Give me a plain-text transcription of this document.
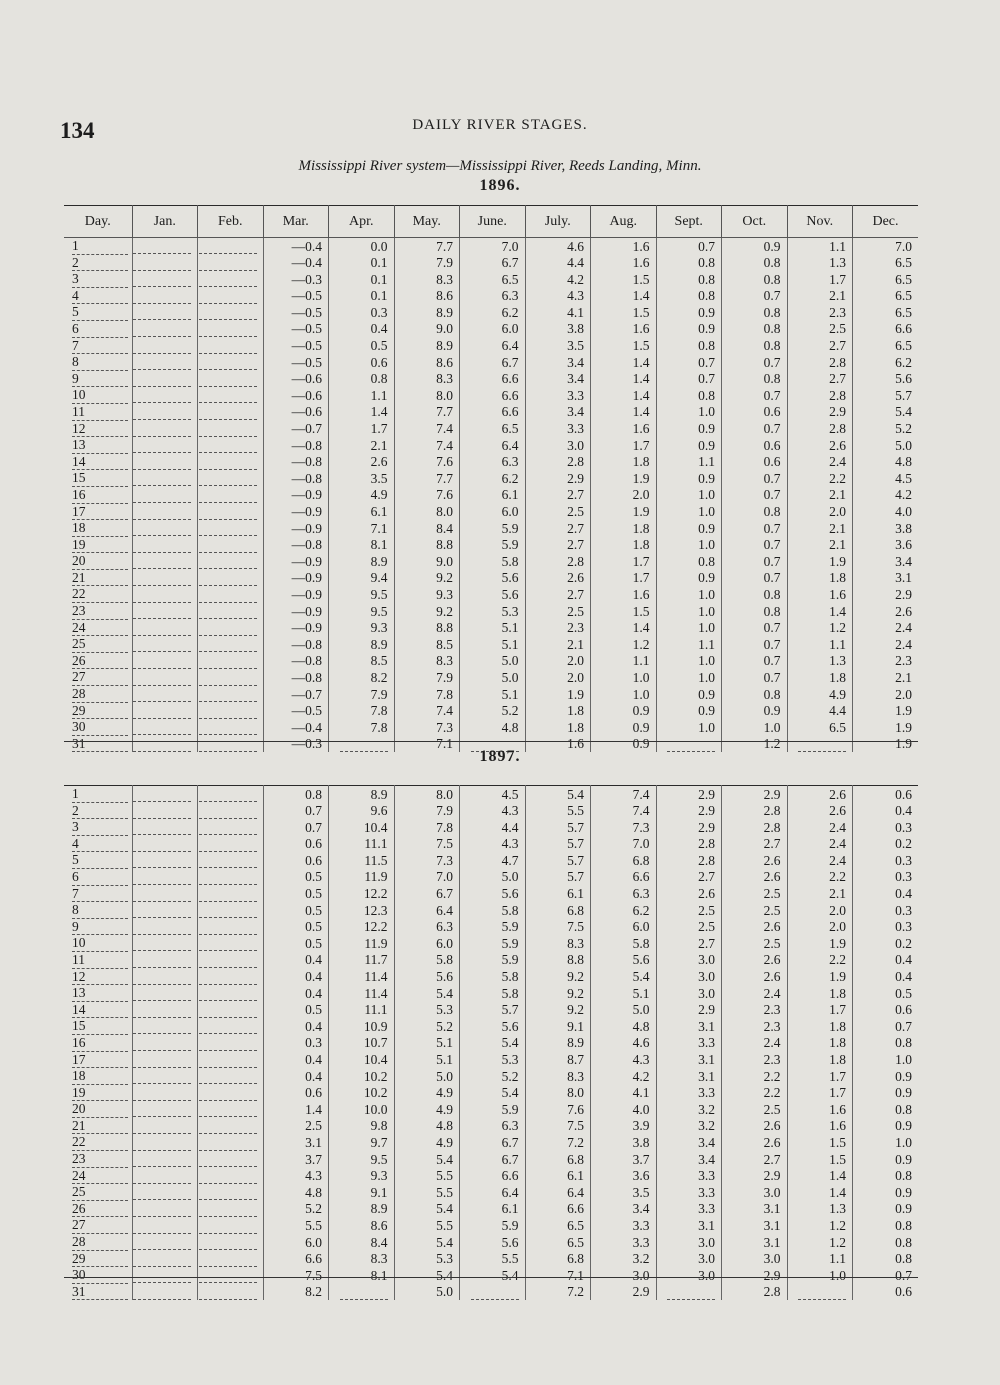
134	DAILY RIVER STAGES.
Mississippi River system—Mississippi River, Reeds Landing, Minn.
1896.
Day.	Jan.	Feb.	Mar.	Apr.	May.	June.	July.	Aug.	Sept.	Oct.	Nov.	Dec.
1			—0.4	0.0	7.7	7.0	4.6	1.6	0.7	0.9	1.1	7.0
2			—0.4	0.1	7.9	6.7	4.4	1.6	0.8	0.8	1.3	6.5
3			—0.3	0.1	8.3	6.5	4.2	1.5	0.8	0.8	1.7	6.5
4			—0.5	0.1	8.6	6.3	4.3	1.4	0.8	0.7	2.1	6.5
5			—0.5	0.3	8.9	6.2	4.1	1.5	0.9	0.8	2.3	6.5
6			—0.5	0.4	9.0	6.0	3.8	1.6	0.9	0.8	2.5	6.6
7			—0.5	0.5	8.9	6.4	3.5	1.5	0.8	0.8	2.7	6.5
8			—0.5	0.6	8.6	6.7	3.4	1.4	0.7	0.7	2.8	6.2
9			—0.6	0.8	8.3	6.6	3.4	1.4	0.7	0.8	2.7	5.6
10			—0.6	1.1	8.0	6.6	3.3	1.4	0.8	0.7	2.8	5.7
11			—0.6	1.4	7.7	6.6	3.4	1.4	1.0	0.6	2.9	5.4
12			—0.7	1.7	7.4	6.5	3.3	1.6	0.9	0.7	2.8	5.2
13			—0.8	2.1	7.4	6.4	3.0	1.7	0.9	0.6	2.6	5.0
14			—0.8	2.6	7.6	6.3	2.8	1.8	1.1	0.6	2.4	4.8
15			—0.8	3.5	7.7	6.2	2.9	1.9	0.9	0.7	2.2	4.5
16			—0.9	4.9	7.6	6.1	2.7	2.0	1.0	0.7	2.1	4.2
17			—0.9	6.1	8.0	6.0	2.5	1.9	1.0	0.8	2.0	4.0
18			—0.9	7.1	8.4	5.9	2.7	1.8	0.9	0.7	2.1	3.8
19			—0.8	8.1	8.8	5.9	2.7	1.8	1.0	0.7	2.1	3.6
20			—0.9	8.9	9.0	5.8	2.8	1.7	0.8	0.7	1.9	3.4
21			—0.9	9.4	9.2	5.6	2.6	1.7	0.9	0.7	1.8	3.1
22			—0.9	9.5	9.3	5.6	2.7	1.6	1.0	0.8	1.6	2.9
23			—0.9	9.5	9.2	5.3	2.5	1.5	1.0	0.8	1.4	2.6
24			—0.9	9.3	8.8	5.1	2.3	1.4	1.0	0.7	1.2	2.4
25			—0.8	8.9	8.5	5.1	2.1	1.2	1.1	0.7	1.1	2.4
26			—0.8	8.5	8.3	5.0	2.0	1.1	1.0	0.7	1.3	2.3
27			—0.8	8.2	7.9	5.0	2.0	1.0	1.0	0.7	1.8	2.1
28			—0.7	7.9	7.8	5.1	1.9	1.0	0.9	0.8	4.9	2.0
29			—0.5	7.8	7.4	5.2	1.8	0.9	0.9	0.9	4.4	1.9
30			—0.4	7.8	7.3	4.8	1.8	0.9	1.0	1.0	6.5	1.9
31			—0.3		7.1		1.6	0.9		1.2		1.9
1897.
1			0.8	8.9	8.0	4.5	5.4	7.4	2.9	2.9	2.6	0.6
2			0.7	9.6	7.9	4.3	5.5	7.4	2.9	2.8	2.6	0.4
3			0.7	10.4	7.8	4.4	5.7	7.3	2.9	2.8	2.4	0.3
4			0.6	11.1	7.5	4.3	5.7	7.0	2.8	2.7	2.4	0.2
5			0.6	11.5	7.3	4.7	5.7	6.8	2.8	2.6	2.4	0.3
6			0.5	11.9	7.0	5.0	5.7	6.6	2.7	2.6	2.2	0.3
7			0.5	12.2	6.7	5.6	6.1	6.3	2.6	2.5	2.1	0.4
8			0.5	12.3	6.4	5.8	6.8	6.2	2.5	2.5	2.0	0.3
9			0.5	12.2	6.3	5.9	7.5	6.0	2.5	2.6	2.0	0.3
10			0.5	11.9	6.0	5.9	8.3	5.8	2.7	2.5	1.9	0.2
11			0.4	11.7	5.8	5.9	8.8	5.6	3.0	2.6	2.2	0.4
12			0.4	11.4	5.6	5.8	9.2	5.4	3.0	2.6	1.9	0.4
13			0.4	11.4	5.4	5.8	9.2	5.1	3.0	2.4	1.8	0.5
14			0.5	11.1	5.3	5.7	9.2	5.0	2.9	2.3	1.7	0.6
15			0.4	10.9	5.2	5.6	9.1	4.8	3.1	2.3	1.8	0.7
16			0.3	10.7	5.1	5.4	8.9	4.6	3.3	2.4	1.8	0.8
17			0.4	10.4	5.1	5.3	8.7	4.3	3.1	2.3	1.8	1.0
18			0.4	10.2	5.0	5.2	8.3	4.2	3.1	2.2	1.7	0.9
19			0.6	10.2	4.9	5.4	8.0	4.1	3.3	2.2	1.7	0.9
20			1.4	10.0	4.9	5.9	7.6	4.0	3.2	2.5	1.6	0.8
21			2.5	9.8	4.8	6.3	7.5	3.9	3.2	2.6	1.6	0.9
22			3.1	9.7	4.9	6.7	7.2	3.8	3.4	2.6	1.5	1.0
23			3.7	9.5	5.4	6.7	6.8	3.7	3.4	2.7	1.5	0.9
24			4.3	9.3	5.5	6.6	6.1	3.6	3.3	2.9	1.4	0.8
25			4.8	9.1	5.5	6.4	6.4	3.5	3.3	3.0	1.4	0.9
26			5.2	8.9	5.4	6.1	6.6	3.4	3.3	3.1	1.3	0.9
27			5.5	8.6	5.5	5.9	6.5	3.3	3.1	3.1	1.2	0.8
28			6.0	8.4	5.4	5.6	6.5	3.3	3.0	3.1	1.2	0.8
29			6.6	8.3	5.3	5.5	6.8	3.2	3.0	3.0	1.1	0.8
30			7.5	8.1	5.4	5.4	7.1	3.0	3.0	2.9	1.0	0.7
31			8.2		5.0		7.2	2.9		2.8		0.6
